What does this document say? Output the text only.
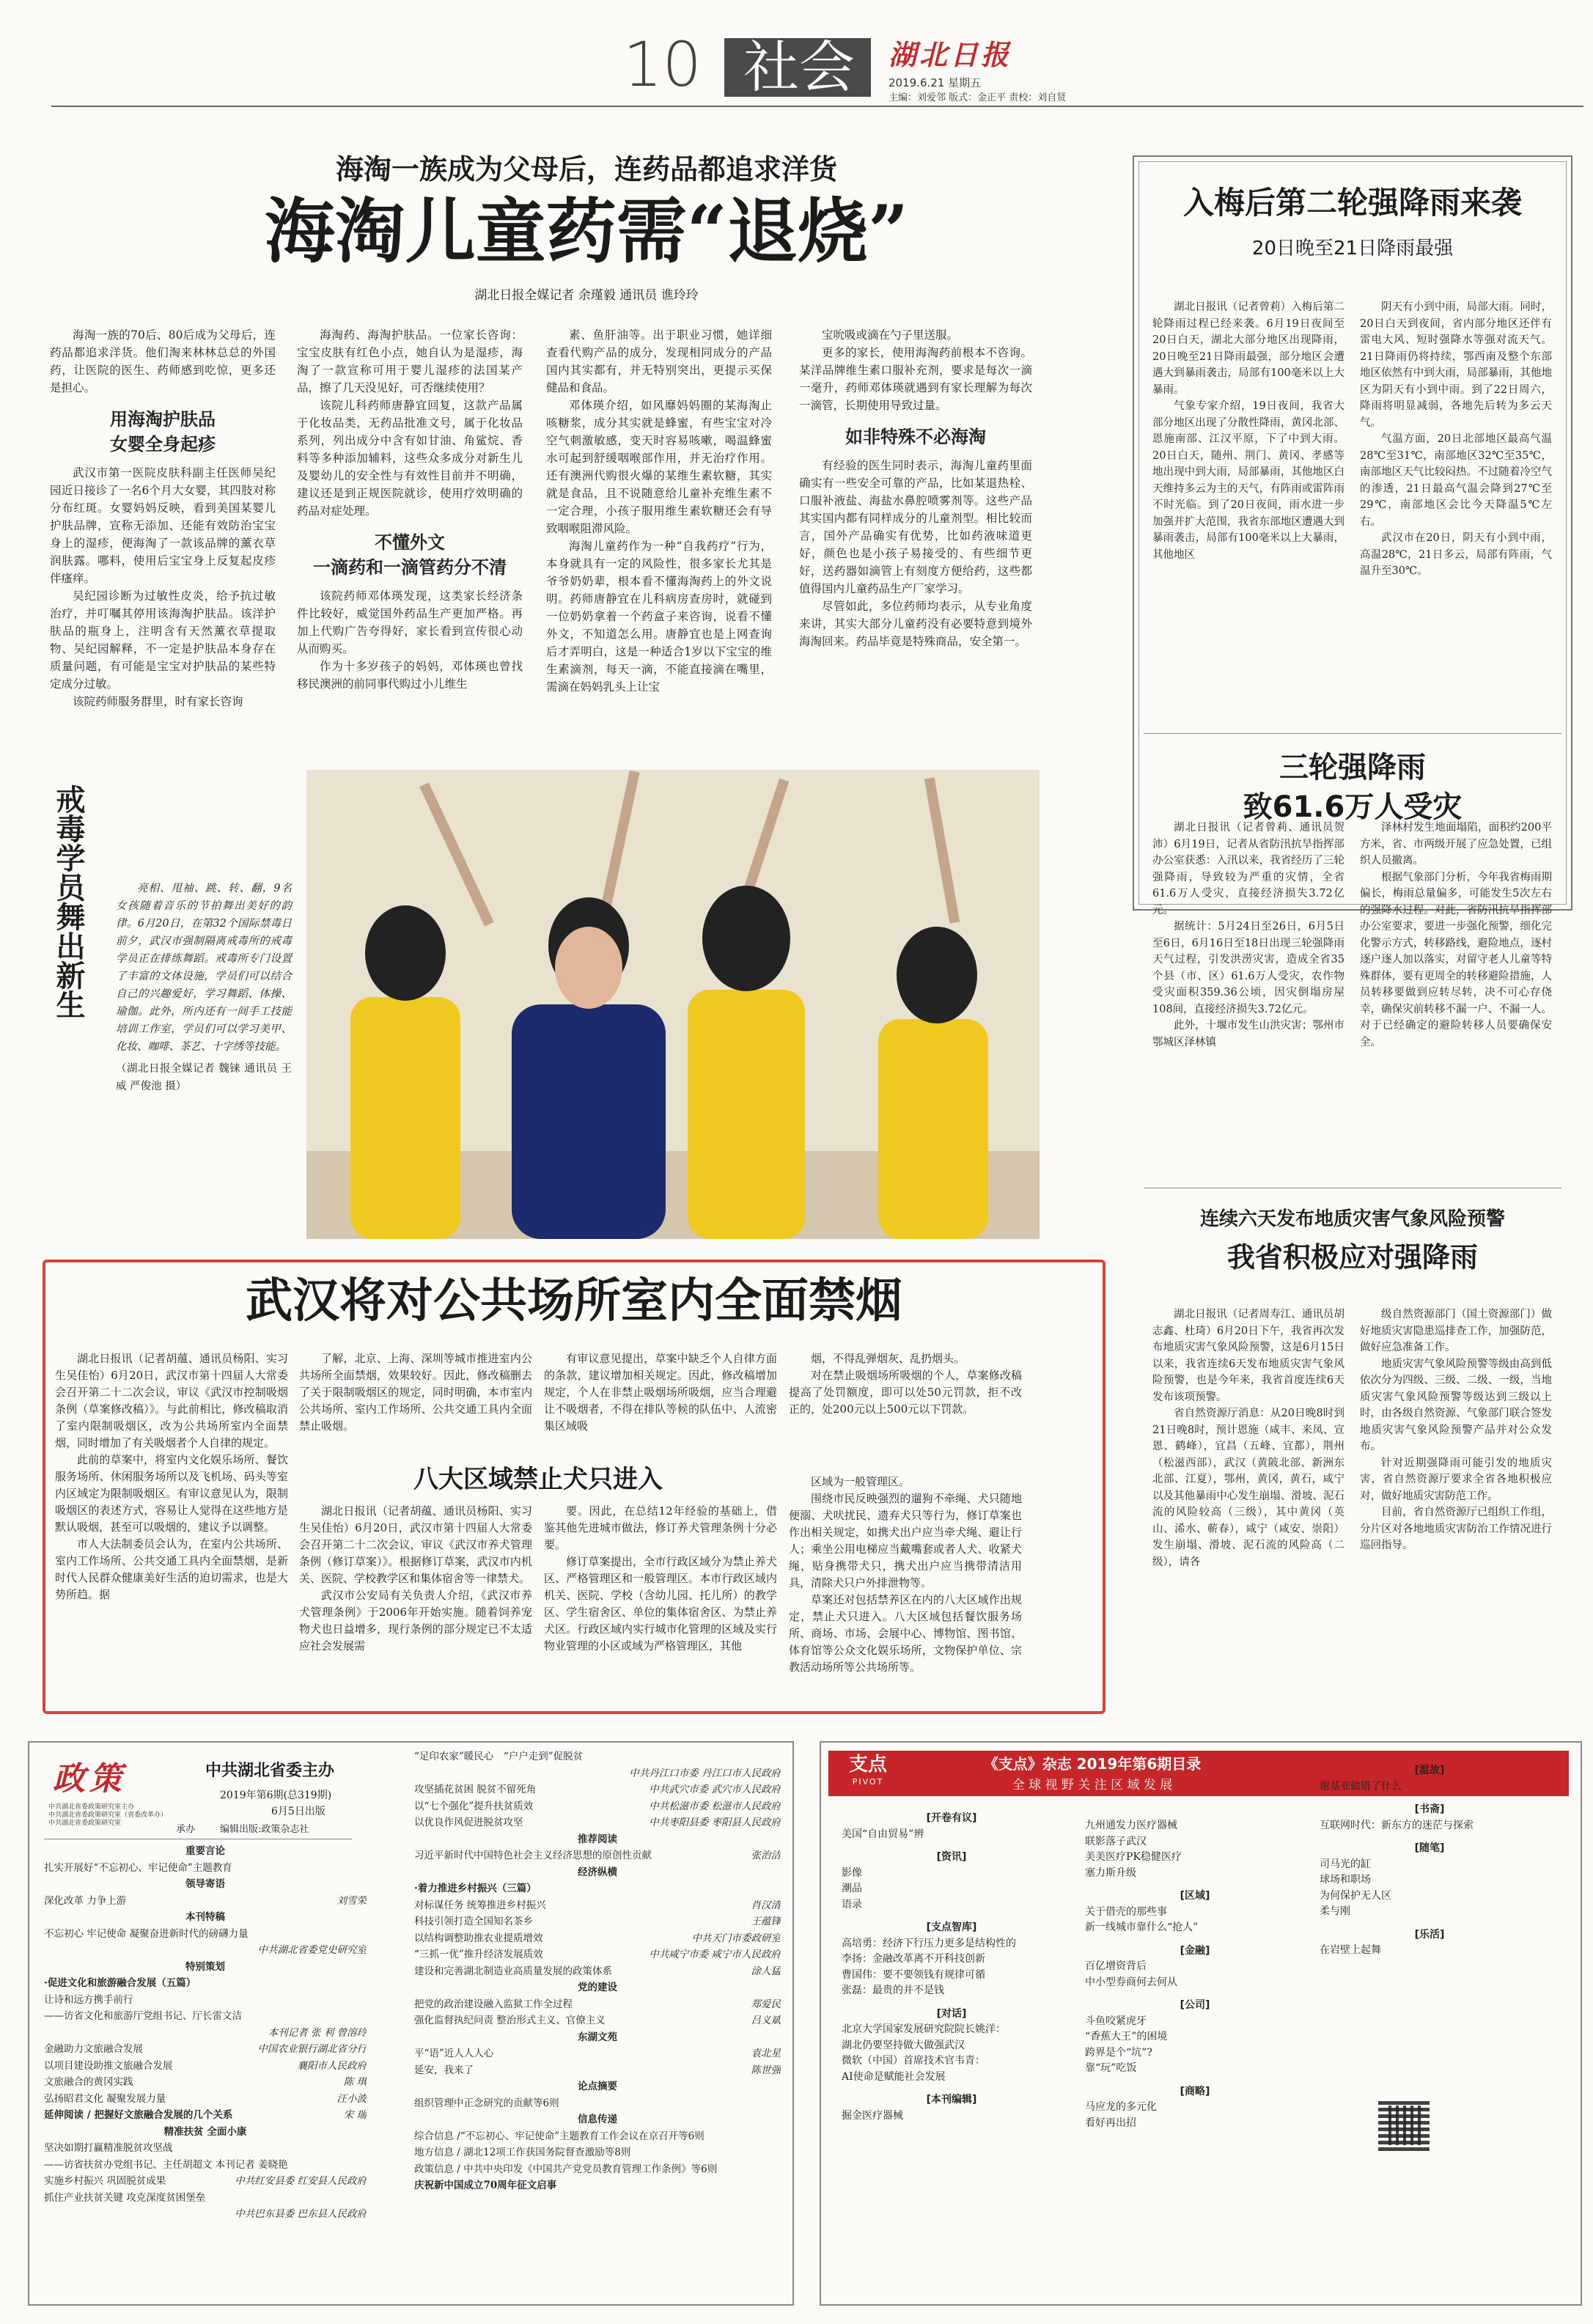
10 社会	湖北日报
2019.6.21 星期五
主编：刘爱邻 版式：金正平 责校：刘自贤
海淘一族成为父母后，连药品都追求洋货
海淘儿童药需“退烧”
湖北日报全媒记者 余瑾毅 通讯员 谯玲玲

海淘一族的70后、80后成为父母后，连药品都追求洋货。他们淘来林林总总的外国药，让医院的医生、药师感到吃惊，更多还是担心。

用海淘护肤品
女婴全身起疹

武汉市第一医院皮肤科副主任医师吴纪园近日接诊了一名6个月大女婴，其四肢对称分布红斑。女婴妈妈反映，看到美国某婴儿护肤品牌，宣称无添加、还能有效防治宝宝身上的湿疹，便海淘了一款该品牌的薰衣草润肤露。哪料，使用后宝宝身上反复起皮疹伴瘙痒。

吴纪园诊断为过敏性皮炎，给予抗过敏治疗，并叮嘱其停用该海淘护肤品。该洋护肤品的瓶身上，注明含有天然薰衣草提取物、吴纪园解释，不一定是护肤品本身存在质量问题，有可能是宝宝对护肤品的某些特定成分过敏。

该院药师服务群里，时有家长咨询

海淘药、海淘护肤品。一位家长咨询：宝宝皮肤有红色小点，她自认为是湿疹，海淘了一款宣称可用于婴儿湿疹的法国某产品，擦了几天没见好，可否继续使用？

该院儿科药师唐静宜回复，这款产品属于化妆品类，无药品批准文号，属于化妆品系列，列出成分中含有如甘油、角鲨烷、香料等多种添加辅料，这些众多成分对新生儿及婴幼儿的安全性与有效性目前并不明确，建议还是到正规医院就诊，使用疗效明确的药品对症处理。

不懂外文
一滴药和一滴管药分不清

该院药师邓体瑛发现，这类家长经济条件比较好，威觉国外药品生产更加严格。再加上代购广告夸得好，家长看到宣传很心动从而购买。

作为十多岁孩子的妈妈，邓体瑛也曾找移民澳洲的前同事代购过小儿维生

素、鱼肝油等。出于职业习惯，她详细查看代购产品的成分，发现相同成分的产品国内其实都有，并无特别突出，更提示买保健品和食品。

邓体瑛介绍，如风靡妈妈圈的某海淘止咳糖浆，成分其实就是蜂蜜，有些宝宝对冷空气刺激敏感，变天时容易咳嗽，喝温蜂蜜水可起到舒缓咽喉部作用，并无治疗作用。还有澳洲代购很火爆的某维生素软糖，其实就是食品，且不说随意给儿童补充维生素不一定合理，小孩子服用维生素软糖还会有导致咽喉阻滞风险。

海淘儿童药作为一种“自我药疗”行为，本身就具有一定的风险性，很多家长尤其是爷爷奶奶辈，根本看不懂海淘药上的外文说明。药师唐静宜在儿科病房查房时，就碰到一位奶奶拿着一个药盒子来咨询，说看不懂外文，不知道怎么用。唐静宜也是上网查询后才弄明白，这是一种适合1岁以下宝宝的维生素滴剂，每天一滴，不能直接滴在嘴里，需滴在妈妈乳头上让宝

宝吮吸或滴在勺子里送服。

更多的家长，使用海淘药前根本不咨询。某洋品牌维生素口服补充剂，要求是每次一滴一毫升，药师邓体瑛就遇到有家长理解为每次一滴管，长期使用导致过量。

如非特殊不必海淘

有经验的医生同时表示，海淘儿童药里面确实有一些安全可靠的产品，比如某退热栓、口服补液盐、海盐水鼻腔喷雾剂等。这些产品其实国内都有同样成分的儿童剂型。相比较而言，国外产品确实有优势，比如药液味道更好，颜色也是小孩子易接受的、有些细节更好，送药器如滴管上有刻度方便给药，这些都值得国内儿童药品生产厂家学习。

尽管如此，多位药师均表示，从专业角度来讲，其实大部分儿童药没有必要特意到境外海淘回来。药品毕竟是特殊商品，安全第一。

入梅后第二轮强降雨来袭
20日晚至21日降雨最强

湖北日报讯（记者曾莉）入梅后第二轮降雨过程已经来袭。6月19日夜间至20日白天，湖北大部分地区出现降雨，20日晚至21日降雨最强，部分地区会遭遇大到暴雨袭击，局部有100毫米以上大暴雨。

气象专家介绍，19日夜间，我省大部分地区出现了分散性降雨，黄冈北部、恩施南部、江汉平原，下了中到大雨。20日白天，随州、荆门、黄冈、孝感等地出现中到大雨，局部暴雨，其他地区白天维持多云为主的天气，有阵雨或雷阵雨不时光临。到了20日夜间，雨水进一步加强并扩大范围，我省东部地区遭遇大到暴雨袭击，局部有100毫米以上大暴雨，其他地区

阴天有小到中雨，局部大雨。同时，20日白天到夜间，省内部分地区还伴有雷电大风、短时强降水等强对流天气。21日降雨仍将持续，鄂西南及整个东部地区依然有中到大雨，局部暴雨，其他地区为阴天有小到中雨。到了22日周六，降雨将明显减弱，各地先后转为多云天气。

气温方面，20日北部地区最高气温28℃至31℃，南部地区32℃至35℃，南部地区天气比较闷热。不过随着冷空气的渗透，21日最高气温会降到27℃至29℃，南部地区会比今天降温5℃左右。

武汉市在20日，阴天有小到中雨，高温28℃，21日多云，局部有阵雨，气温升至30℃。

三轮强降雨
致61.6万人受灾

湖北日报讯（记者曾莉、通讯员贺沛）6月19日，记者从省防汛抗旱指挥部办公室获悉：入汛以来，我省经历了三轮强降雨，导致较为严重的灾情，全省61.6万人受灾，直接经济损失3.72亿元。

据统计：5月24日至26日，6月5日至6日，6月16日至18日出现三轮强降雨天气过程，引发洪涝灾害，造成全省35个县（市、区）61.6万人受灾，农作物受灾面积359.36公顷，因灾倒塌房屋108间，直接经济损失3.72亿元。

此外，十堰市发生山洪灾害；鄂州市鄂城区泽林镇

泽林村发生地面塌陷，面积约200平方米，省、市两级开展了应急处置，已组织人员撤离。

根据气象部门分析，今年我省梅雨期偏长，梅雨总量偏多，可能发生5次左右的强降水过程。对此，省防汛抗旱指挥部办公室要求，要进一步强化预警，细化完化警示方式，转移路线，避险地点，逐村逐户逐人加以落实，对留守老人儿童等特殊群体，要有更周全的转移避险措施，人员转移要做到应转尽转，决不可心存侥幸，确保灾前转移不漏一户、不漏一人。对于已经确定的避险转移人员要确保安全。

戒毒学员舞出新生	亮相、甩袖、跳、转、翻，9名女孩随着音乐的节拍舞出美好的韵律。6月20日，在第32个国际禁毒日前夕，武汉市强制隔离戒毒所的戒毒学员正在排练舞蹈。戒毒所专门设置了丰富的文体设施，学员们可以结合自己的兴趣爱好，学习舞蹈、体操、瑜伽。此外，所内还有一间手工技能培训工作室，学员们可以学习美甲、化妆、咖啡、茶艺、十字绣等技能。
（湖北日报全媒记者 魏铼 通讯员 王威 严俊池 摄）
连续六天发布地质灾害气象风险预警
我省积极应对强降雨

湖北日报讯（记者周寿江、通讯员胡志鑫、杜琦）6月20日下午，我省再次发布地质灾害气象风险预警，这是6月15日以来，我省连续6天发布地质灾害气象风险预警，也是今年来，我省首度连续6天发布该项预警。

省自然资源厅消息：从20日晚8时到21日晚8时，预计恩施（咸丰、来凤、宣恩、鹤峰），宜昌（五峰、宜都），荆州（松滋西部），武汉（黄陂北部、新洲东北部、江夏），鄂州，黄冈，黄石，咸宁以及其他暴雨中心发生崩塌、滑坡、泥石流的风险较高（三级），其中黄冈（英山、浠水、蕲春），咸宁（咸安、崇阳）发生崩塌、滑坡、泥石流的风险高（二级），请各

级自然资源部门（国土资源部门）做好地质灾害隐患巡排查工作，加强防范，做好应急准备工作。

地质灾害气象风险预警等级由高到低依次分为四级、三级、二级、一级，当地质灾害气象风险预警等级达到三级以上时，由各级自然资源、气象部门联合签发地质灾害气象风险预警产品并对公众发布。

针对近期强降雨可能引发的地质灾害，省自然资源厅要求全省各地积极应对，做好地质灾害防范工作。

目前，省自然资源厅已组织工作组，分片区对各地地质灾害防治工作情况进行巡回指导。

武汉将对公共场所室内全面禁烟

湖北日报讯（记者胡蕴、通讯员杨阳、实习生吴佳怡）6月20日，武汉市第十四届人大常委会召开第二十二次会议，审议《武汉市控制吸烟条例（草案修改稿）》。与此前相比，修改稿取消了室内限制吸烟区，改为公共场所室内全面禁烟，同时增加了有关吸烟者个人自律的规定。

此前的草案中，将室内文化娱乐场所、餐饮服务场所、休闲服务场所以及飞机场、码头等室内区域定为限制吸烟区。有审议意见认为，限制吸烟区的表述方式，容易让人觉得在这些地方是默认吸烟，甚至可以吸烟的，建议予以调整。

市人大法制委员会认为，在室内公共场所、室内工作场所、公共交通工具内全面禁烟，是新时代人民群众健康美好生活的迫切需求，也是大势所趋。据

了解，北京、上海、深圳等城市推进室内公共场所全面禁烟，效果较好。因此，修改稿删去了关于限制吸烟区的规定，同时明确，本市室内公共场所、室内工作场所、公共交通工具内全面禁止吸烟。

有审议意见提出，草案中缺乏个人自律方面的条款，建议增加相关规定。因此，修改稿增加规定，个人在非禁止吸烟场所吸烟，应当合理避让不吸烟者，不得在排队等候的队伍中、人流密集区域吸

烟，不得乱弹烟灰、乱扔烟头。

对在禁止吸烟场所吸烟的个人，草案修改稿提高了处罚额度，即可以处50元罚款，拒不改正的，处200元以上500元以下罚款。

八大区域禁止犬只进入

湖北日报讯（记者胡蕴、通讯员杨阳、实习生吴佳怡）6月20日，武汉市第十四届人大常委会召开第二十二次会议，审议《武汉市养犬管理条例（修订草案）》。根据修订草案，武汉市内机关、医院、学校教学区和集体宿舍等一律禁犬。

武汉市公安局有关负责人介绍，《武汉市养犬管理条例》于2006年开始实施。随着饲养宠物犬也日益增多，现行条例的部分规定已不太适应社会发展需

要。因此，在总结12年经验的基础上，借鉴其他先进城市做法，修订养犬管理条例十分必要。

修订草案提出，全市行政区域分为禁止养犬区、严格管理区和一般管理区。本市行政区域内机关、医院、学校（含幼儿园、托儿所）的教学区、学生宿舍区、单位的集体宿舍区、为禁止养犬区。行政区域内实行城市化管理的区域及实行物业管理的小区或域为严格管理区，其他

区域为一般管理区。

围绕市民反映强烈的遛狗不牵绳、犬只随地便溺、犬吠扰民、遗弃犬只等行为，修订草案也作出相关规定，如携犬出户应当牵犬绳、避让行人；乘坐公用电梯应当戴嘴套或者人犬、收紧犬绳，贴身携带犬只，携犬出户应当携带清洁用具，清除犬只户外排泄物等。

草案还对包括禁养区在内的八大区域作出规定，禁止犬只进入。八大区域包括餐饮服务场所、商场、市场、会展中心、博物馆、图书馆、体育馆等公众文化娱乐场所，文物保护单位、宗教活动场所等公共场所等。

政策	中共湖北省委主办
2019年第6期(总319期)
6月5日出版
中共湖北省委政策研究室主办
中共湖北省委政策研究室（省委改革办）
中共湖北省委政策研究室
承办	编辑出版:政策杂志社
重要言论
扎实开展好“不忘初心、牢记使命”主题教育
领导寄语
深化改革 力争上游	刘雪荣
本刊特稿
不忘初心 牢记使命 凝聚奋进新时代的磅礴力量
中共湖北省委党史研究室
特别策划
·促进文化和旅游融合发展（五篇）
让诗和远方携手前行
——访省文化和旅游厅党组书记、厅长雷文洁
本刊记者 张 利 曾溶玲
金融助力文旅融合发展	中国农业银行湖北省分行
以项目建设助推文旅融合发展	襄阳市人民政府
文旅融合的黄冈实践	陈 琪
弘扬昭君文化 凝聚发展力量	汪小波
延伸阅读 / 把握好文旅融合发展的几个关系	宋 瑞
精准扶贫 全面小康
坚决如期打赢精准脱贫攻坚战
——访省扶贫办党组书记、主任胡超文 本刊记者 姜晓艳
实施乡村振兴 巩固脱贫成果	中共红安县委 红安县人民政府
抓住产业扶贫关键 攻克深度贫困堡垒
中共巴东县委 巴东县人民政府
“足印农家”暖民心　“户户走到”促脱贫
中共丹江口市委 丹江口市人民政府
攻坚插花贫困 脱贫不留死角	中共武穴市委 武穴市人民政府
以“七个强化”提升扶贫质效	中共松滋市委 松滋市人民政府
以优良作风促进脱贫攻坚	中共枣阳县委 枣阳县人民政府
推荐阅读
习近平新时代中国特色社会主义经济思想的原创性贡献	张治洁
经济纵横
·着力推进乡村振兴（三篇）
对标谋任务 统筹推进乡村振兴	肖汉清
科技引领打造全国知名茶乡	王蕴锋
以结构调整助推农业提质增效	中共天门市委政研室
“三抓一优”推升经济发展质效	中共咸宁市委 咸宁市人民政府
建设和完善湖北制造业高质量发展的政策体系	涂人猛
党的建设
把党的政治建设融入监狱工作全过程	郑爱民
强化监督执纪问责 整治形式主义、官僚主义	吕义斌
东湖文苑
平“语”近人人人心	袁北星
延安，我来了	陈世强
论点摘要
组织管理中正念研究的贡献等6则
信息传递
综合信息 /“不忘初心、牢记使命”主题教育工作会议在京召开等6则
地方信息 / 湖北12项工作获国务院督查激励等8则
政策信息 / 中共中央印发《中国共产党党员教育管理工作条例》等6则
庆祝新中国成立70周年征文启事
支点
PIVOT
《支点》杂志 2019年第6期目录
全 球 视 野 关 注 区 域 发 展
[开卷有议]
美国“自由贸易”辨
[资讯]
影像
潮品
语录
[支点智库]
高培勇：经济下行压力更多是结构性的
李扬：金融改革离不开科技创新
曹国伟：要不要领钱有规律可循
张磊：最贵的并不是钱
[对话]
北京大学国家发展研究院院长姚洋：
湖北仍要坚持做大做强武汉
微软（中国）首席技术官韦青：
AI使命是赋能社会发展
[本刊编辑]
掘金医疗器械
九州通发力医疗器械
联影落子武汉
美美医疗PK稳健医疗
塞力斯升级
[区域]
关于借壳的那些事
新一线城市靠什么“抢人”
[金融]
百亿增资背后
中小型券商何去何从
[公司]
斗鱼咬紧虎牙
“香蕉大王”的困境
跨界是个“坑”?
靠“玩”吃饭
[商略]
马应龙的多元化
看好再出招
[温故]
谢基亚做错了什么
[书斋]
互联网时代：新东方的迷茫与探索
[随笔]
司马光的缸
球场和职场
为何保护无人区
柔与刚
[乐活]
在岩壁上起舞
